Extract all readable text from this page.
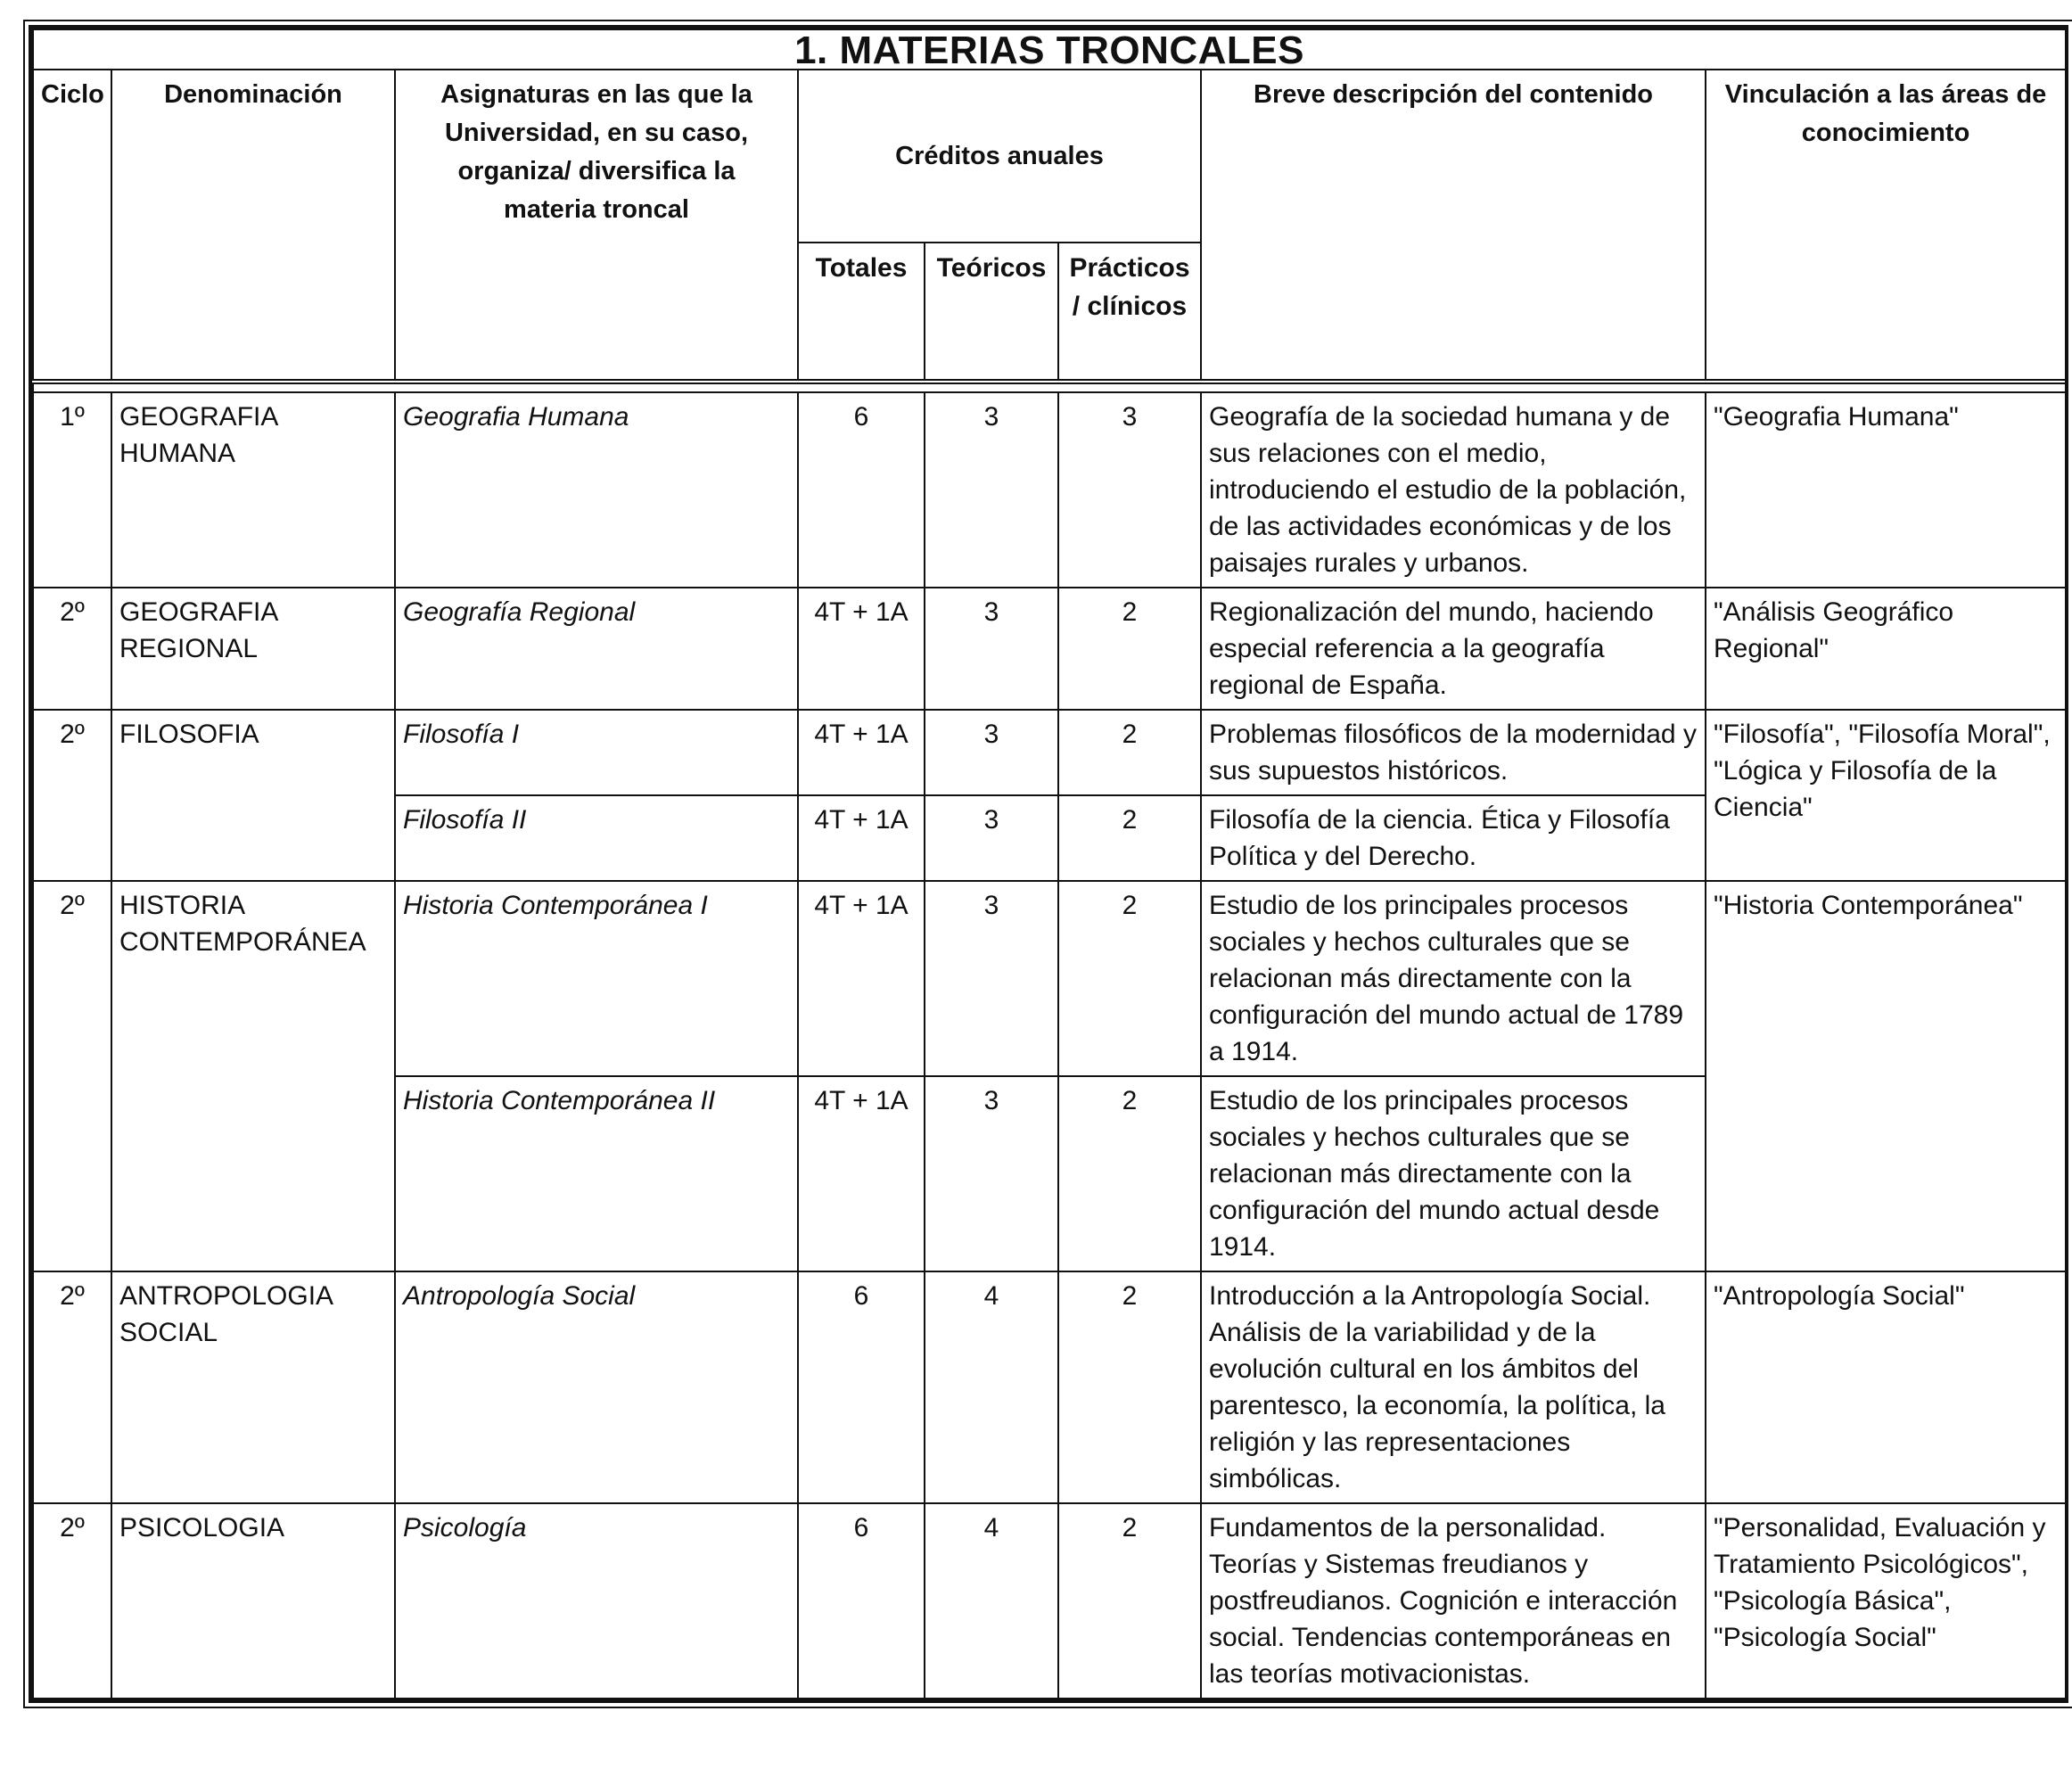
1. MATERIAS TRONCALES							
Ciclo	Denominación	Asignaturas en las que la Universidad, en su caso, organiza/ diversifica la materia troncal	Créditos anuales			Breve descripción del contenido	Vinculación a las áreas de conocimiento
			Totales	Teóricos	Prácticos / clínicos		

1º	GEOGRAFIA HUMANA	Geografia Humana	6	3	3	Geografía de la sociedad humana y de sus relaciones con el medio, introduciendo el estudio de la población, de las actividades económicas y de los paisajes rurales y urbanos.	"Geografia Humana"
2º	GEOGRAFIA REGIONAL	Geografía Regional	4T + 1A	3	2	Regionalización del mundo, haciendo especial referencia a la geografía regional de España.	"Análisis Geográfico Regional"
2º	FILOSOFIA	Filosofía I	4T + 1A	3	2	Problemas filosóficos de la modernidad y sus supuestos históricos.	"Filosofía", "Filosofía Moral", "Lógica y Filosofía de la Ciencia"
		Filosofía II	4T + 1A	3	2	Filosofía de la ciencia. Ética y Filosofía Política y del Derecho.	
2º	HISTORIA CONTEMPORÁNEA	Historia Contemporánea I	4T + 1A	3	2	Estudio de los principales procesos sociales y hechos culturales que se relacionan más directamente con la configuración del mundo actual de 1789 a 1914.	"Historia Contemporánea"
		Historia Contemporánea II	4T + 1A	3	2	Estudio de los principales procesos sociales y hechos culturales que se relacionan más directamente con la configuración del mundo actual desde 1914.	
2º	ANTROPOLOGIA SOCIAL	Antropología Social	6	4	2	Introducción a la Antropología Social. Análisis de la variabilidad y de la evolución cultural en los ámbitos del parentesco, la economía, la política, la religión y las representaciones simbólicas.	"Antropología Social"
2º	PSICOLOGIA	Psicología	6	4	2	Fundamentos de la personalidad. Teorías y Sistemas freudianos y postfreudianos. Cognición e interacción social. Tendencias contemporáneas en las teorías motivacionistas.	"Personalidad, Evaluación y Tratamiento Psicológicos", "Psicología Básica", "Psicología Social"
